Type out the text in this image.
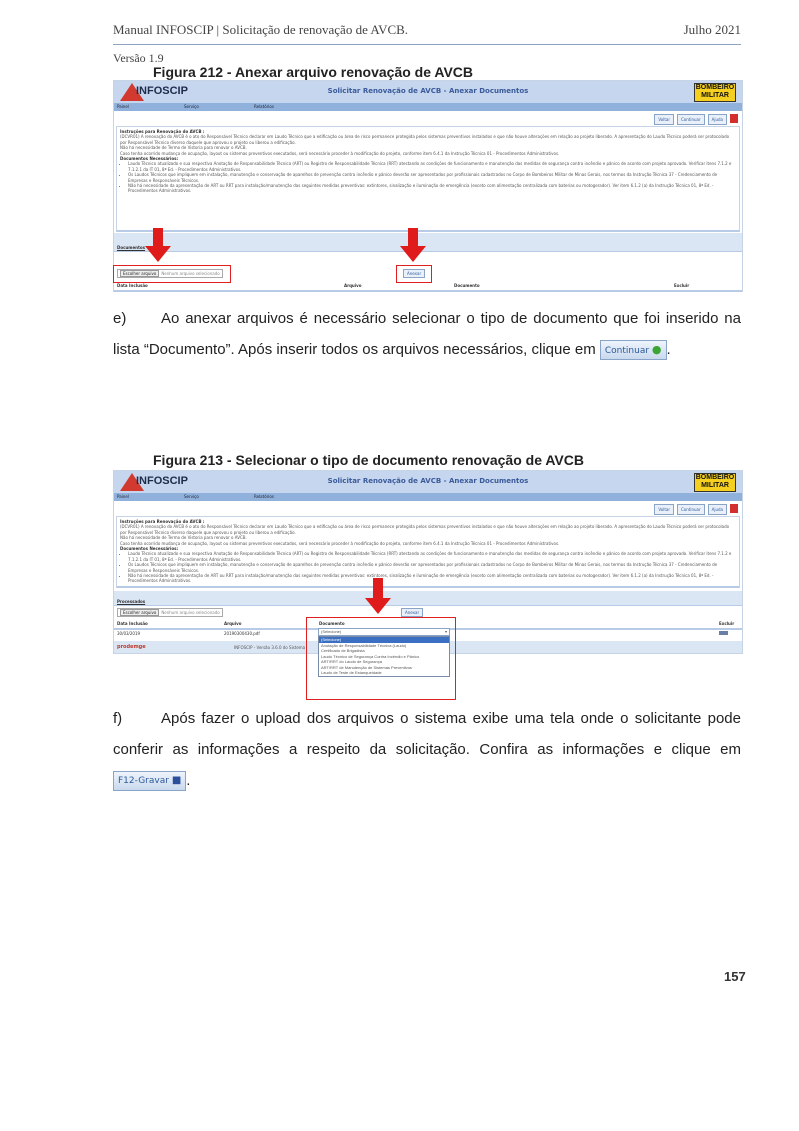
Manual INFOSCIP | Solicitação de renovação de AVCB.	Julho 2021
Versão 1.9
Figura 212 - Anexar arquivo renovação de AVCB
INFOSCIP	Solicitar Renovação de AVCB - Anexar Documentos	BOMBEIRO
MILITAR
Painel	Serviço	Relatórios
Voltar	Continuar	Ajuda
Instruções para Renovação do AVCB :
(DCVR01) A renovação do AVCB é o ato do Responsável Técnico declarar em Laudo Técnico que a edificação ou área de risco permanece protegida pelos sistemas preventivos instalados e que não houve alterações em relação ao projeto liberado. A apresentação do Laudo Técnico poderá ser protocolado por Responsável Técnico diverso daquele que aprovou o projeto ou liberou a edificação.
Não há necessidade de Termo de Vistoria para renovar o AVCB.
Caso tenha ocorrido mudança de ocupação, layout ou sistemas preventivos executados, será necessário proceder à modificação do projeto, conforme item 6.4.1 da Instrução Técnica 01 - Procedimentos Administrativos.
Documentos Necessários:
• Laudo Técnico atualizado e sua respectiva Anotação de Responsabilidade Técnica (ART) ou Registro de Responsabilidade Técnica (RRT) atestando as condições de funcionamento e manutenção das medidas de segurança contra incêndio e pânico de acordo com projeto aprovado. Verificar itens 7.1.2 e 7.1.2.1 da IT 01, 8ª Ed. - Procedimentos Administrativos.
• Os Laudos Técnicos que impliquem em instalação, manutenção e conservação de aparelhos de prevenção contra incêndio e pânico deverão ser apresentados por profissionais cadastrados no Corpo de Bombeiros Militar de Minas Gerais, nos termos da Instrução Técnica 37 - Credenciamento de Empresas e Responsáveis Técnicos.
• Não há necessidade da apresentação de ART ou RRT para instalação/manutenção das seguintes medidas preventivas: extintores, sinalização e iluminação de emergência (exceto com alimentação centralizada com baterias ou motogerador). Ver item 6.1.2 (a) da Instrução Técnica 01, 8ª Ed. - Procedimentos Administrativos.
Documentos
Escolher arquivo Nenhum arquivo selecionado	Anexar
Data Inclusão	Arquivo	Documento	Excluir
e) Ao anexar arquivos é necessário selecionar o tipo de documento que foi inserido na lista “Documento”. Após inserir todos os arquivos necessários, clique em Continuar ● .
Figura 213 - Selecionar o tipo de documento renovação de AVCB
INFOSCIP	Solicitar Renovação de AVCB - Anexar Documentos	BOMBEIRO
MILITAR
Painel	Serviço	Relatórios
Voltar	Continuar	Ajuda
Instruções para Renovação do AVCB :
(DCVR01) A renovação do AVCB é o ato do Responsável Técnico declarar em Laudo Técnico que a edificação ou área de risco permanece protegida pelos sistemas preventivos instalados e que não houve alterações em relação ao projeto liberado. A apresentação do Laudo Técnico poderá ser protocolado por Responsável Técnico diverso daquele que aprovou o projeto ou liberou a edificação.
Não há necessidade de Termo de Vistoria para renovar o AVCB.
Caso tenha ocorrido mudança de ocupação, layout ou sistemas preventivos executados, será necessário proceder à modificação do projeto, conforme item 6.4.1 da Instrução Técnica 01 - Procedimentos Administrativos.
Documentos Necessários:
• Laudo Técnico atualizado e sua respectiva Anotação de Responsabilidade Técnica (ART) ou Registro de Responsabilidade Técnica (RRT) atestando as condições de funcionamento e manutenção das medidas de segurança contra incêndio e pânico de acordo com projeto aprovado. Verificar itens 7.1.2 e 7.1.2.1 da IT 01, 8ª Ed. - Procedimentos Administrativos.
• Os Laudos Técnicos que impliquem em instalação, manutenção e conservação de aparelhos de prevenção contra incêndio e pânico deverão ser apresentados por profissionais cadastrados no Corpo de Bombeiros Militar de Minas Gerais, nos termos da Instrução Técnica 37 - Credenciamento de Empresas e Responsáveis Técnicos.
• Não há necessidade da apresentação de ART ou RRT para instalação/manutenção das seguintes medidas preventivas: extintores, sinalização e iluminação de emergência (exceto com alimentação centralizada com baterias ou motogerador). Ver item 6.1.2 (a) da Instrução Técnica 01, 8ª Ed. - Procedimentos Administrativos.
Processados
Escolher arquivo Nenhum arquivo selecionado	Anexar
Data Inclusão	Arquivo	Documento	Excluir
30/03/2019	20190300430.pdf
prodemge	INFOSCIP - Versão 3.6.0 do Sistema
(Selecione)	▾
(Selecione)
Anotação de Responsabilidade Técnica (Laudo)
Certificado de Brigadista
Laudo Técnico de Segurança Contra Incêndio e Pânico
ART/RRT do Laudo de Segurança
ART/RRT de Manutenção de Sistemas Preventivos
Laudo de Teste de Estanqueidade
f)	Após fazer o upload dos arquivos o sistema exibe uma tela onde o solicitante pode conferir as informações a respeito da solicitação. Confira as informações e clique em F12-Gravar ■ .
157
